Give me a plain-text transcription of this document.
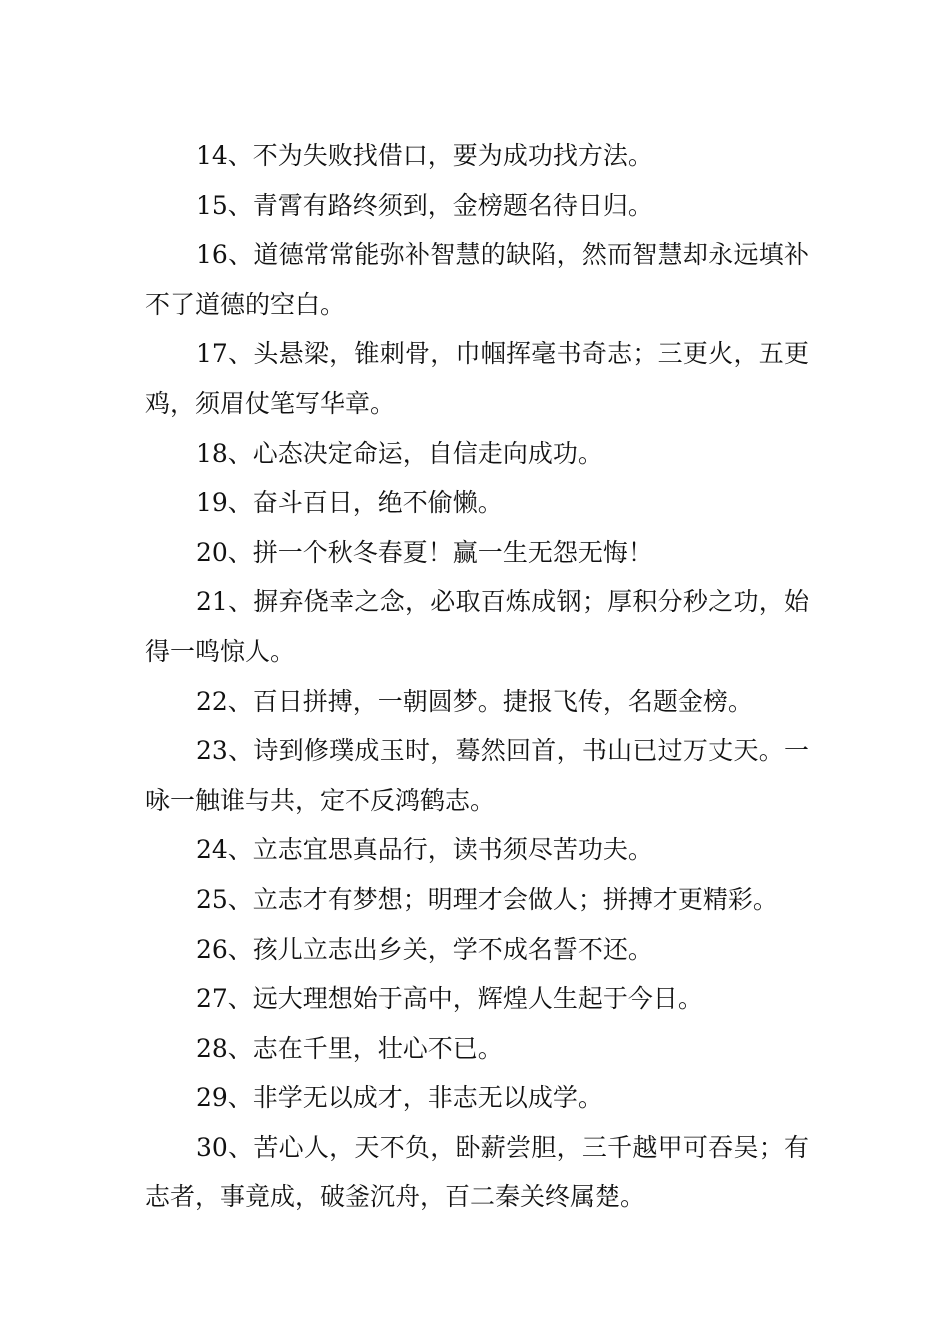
14、不为失败找借口，要为成功找方法。

15、青霄有路终须到，金榜题名待日归。

16、道德常常能弥补智慧的缺陷，然而智慧却永远填补不了道德的空白。

17、头悬梁，锥刺骨，巾帼挥毫书奇志；三更火，五更鸡，须眉仗笔写华章。

18、心态决定命运，自信走向成功。

19、奋斗百日，绝不偷懒。

20、拼一个秋冬春夏！赢一生无怨无悔！

21、摒弃侥幸之念，必取百炼成钢；厚积分秒之功，始得一鸣惊人。

22、百日拼搏，一朝圆梦。捷报飞传，名题金榜。

23、诗到修璞成玉时，蓦然回首，书山已过万丈天。一咏一触谁与共，定不反鸿鹤志。

24、立志宜思真品行，读书须尽苦功夫。

25、立志才有梦想；明理才会做人；拼搏才更精彩。

26、孩儿立志出乡关，学不成名誓不还。

27、远大理想始于高中，辉煌人生起于今日。

28、志在千里，壮心不已。

29、非学无以成才，非志无以成学。

30、苦心人，天不负，卧薪尝胆，三千越甲可吞吴；有志者，事竟成，破釜沉舟，百二秦关终属楚。
